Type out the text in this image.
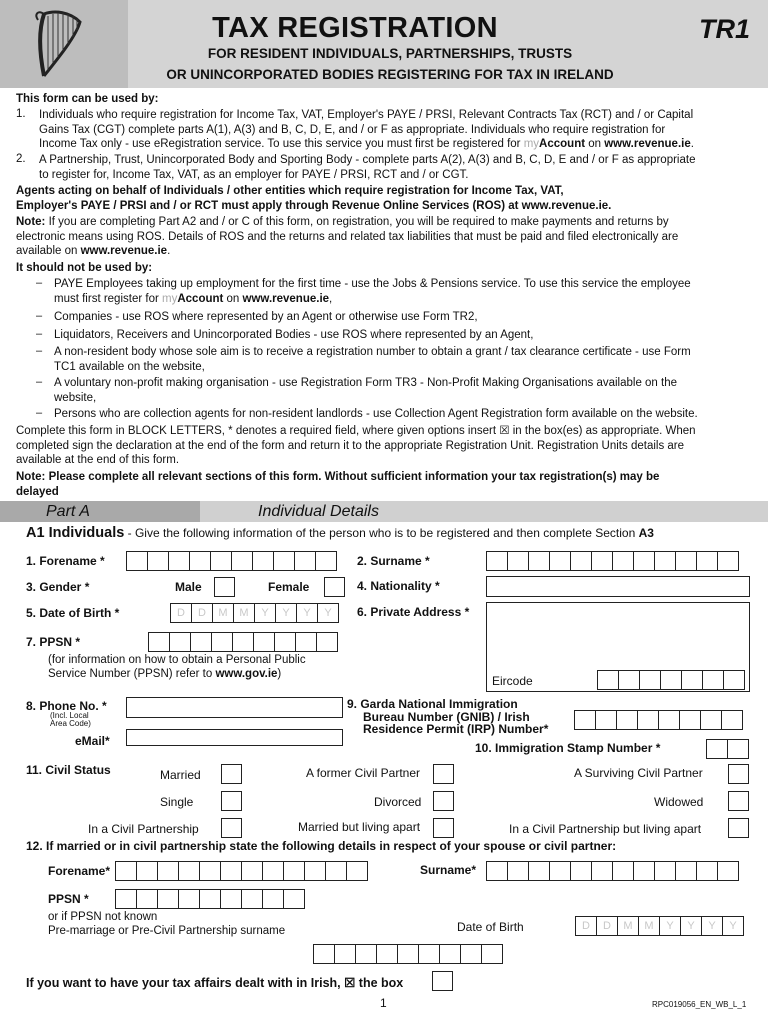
TAX REGISTRATION	TR1
FOR RESIDENT INDIVIDUALS, PARTNERSHIPS, TRUSTS
OR UNINCORPORATED BODIES REGISTERING FOR TAX IN IRELAND
This form can be used by:
1. Individuals who require registration for Income Tax, VAT, Employer's PAYE / PRSI, Relevant Contracts Tax (RCT) and / or Capital
Gains Tax (CGT) complete parts A(1), A(3) and B, C, D, E, and / or F as appropriate. Individuals who require registration for
Income Tax only - use eRegistration service. To use this service you must first be registered for myAccount on www.revenue.ie.
2. A Partnership, Trust, Unincorporated Body and Sporting Body - complete parts A(2), A(3) and B, C, D, E and / or F as appropriate
to register for, Income Tax, VAT, as an employer for PAYE / PRSI, RCT and / or CGT.
Agents acting on behalf of Individuals / other entities which require registration for Income Tax, VAT,
Employer's PAYE / PRSI and / or RCT must apply through Revenue Online Services (ROS) at www.revenue.ie.
Note: If you are completing Part A2 and / or C of this form, on registration, you will be required to make payments and returns by
electronic means using ROS. Details of ROS and the returns and related tax liabilities that must be paid and filed electronically are
available on www.revenue.ie.
It should not be used by:
– PAYE Employees taking up employment for the first time - use the Jobs & Pensions service. To use this service the employee
must first register for myAccount on www.revenue.ie,
– Companies - use ROS where represented by an Agent or otherwise use Form TR2,
– Liquidators, Receivers and Unincorporated Bodies - use ROS where represented by an Agent,
– A non-resident body whose sole aim is to receive a registration number to obtain a grant / tax clearance certificate - use Form
TC1 available on the website,
– A voluntary non-profit making organisation - use Registration Form TR3 - Non-Profit Making Organisations available on the
website,
– Persons who are collection agents for non-resident landlords - use Collection Agent Registration form available on the website.
Complete this form in BLOCK LETTERS, * denotes a required field, where given options insert ☒ in the box(es) as appropriate. When
completed sign the declaration at the end of the form and return it to the appropriate Registration Unit. Registration Units details are
available at the end of this form.
Note: Please complete all relevant sections of this form. Without sufficient information your tax registration(s) may be
delayed
Part A	Individual Details
A1 Individuals - Give the following information of the person who is to be registered and then complete Section A3
1. Forename *	2. Surname *
3. Gender *	Male	Female	4. Nationality *
5. Date of Birth *	D	D	M	M	Y	Y	Y	Y	6. Private Address *
Eircode
7. PPSN *
(for information on how to obtain a Personal Public
Service Number (PPSN) refer to www.gov.ie)
8. Phone No. *
(Incl. Local
Area Code)
eMail*
9. Garda National Immigration
Bureau Number (GNIB) / Irish
Residence Permit (IRP) Number*
10. Immigration Stamp Number *
11. Civil Status	Married	A former Civil Partner	A Surviving Civil Partner
Single	Divorced	Widowed
In a Civil Partnership	Married but living apart	In a Civil Partnership but living apart
12. If married or in civil partnership state the following details in respect of your spouse or civil partner:
Forename*	Surname*
PPSN *
or if PPSN not known
Pre-marriage or Pre-Civil Partnership surname	Date of Birth	D	D	M	M	Y	Y	Y	Y
If you want to have your tax affairs dealt with in Irish, ☒ the box
1	RPC019056_EN_WB_L_1
